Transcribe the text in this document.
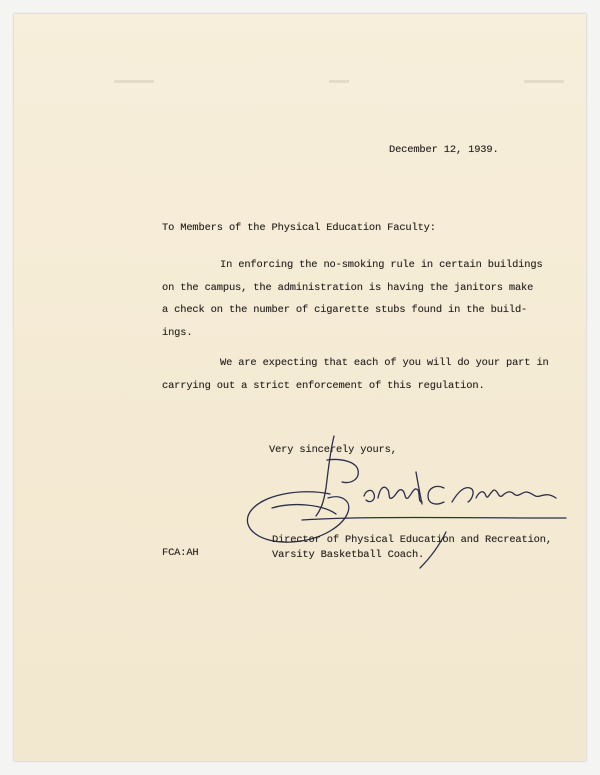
December 12, 1939.
To Members of the Physical Education Faculty:
In enforcing the no-smoking rule in certain buildings
on the campus, the administration is having the janitors make
a check on the number of cigarette stubs found in the build-
ings.
We are expecting that each of you will do your part in
carrying out a strict enforcement of this regulation.
Very sincerely yours,
Director of Physical Education and Recreation,
Varsity Basketball Coach.
FCA:AH
